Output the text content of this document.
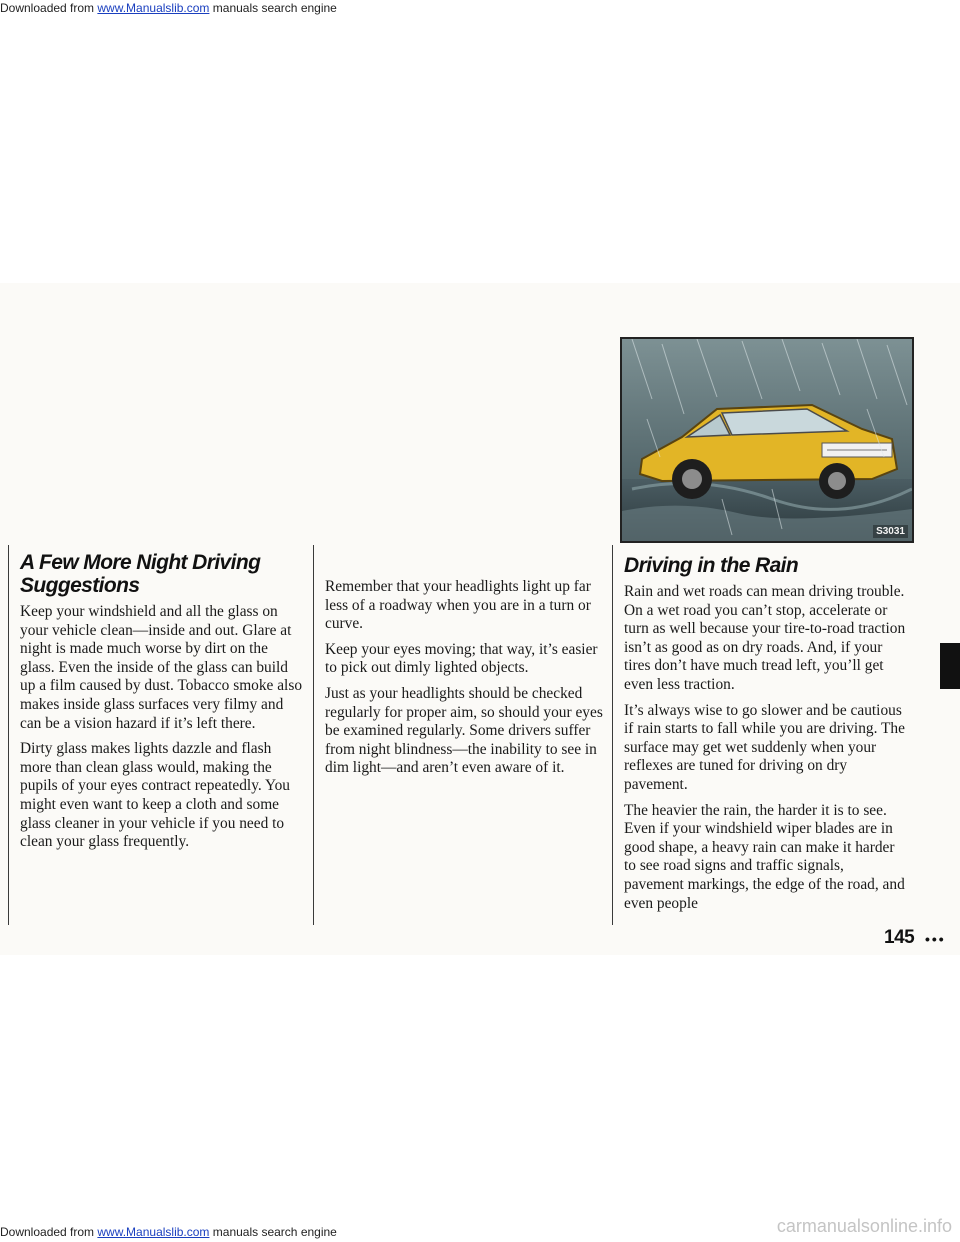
Downloaded from www.Manualslib.com manuals search engine
S3031
A Few More Night Driving
Suggestions

Keep your windshield and all the glass on your vehicle clean—inside and out. Glare at night is made much worse by dirt on the glass. Even the inside of the glass can build up a film caused by dust. Tobacco smoke also makes inside glass surfaces very filmy and can be a vision hazard if it’s left there.

Dirty glass makes lights dazzle and flash more than clean glass would, making the pupils of your eyes contract repeatedly. You might even want to keep a cloth and some glass cleaner in your vehicle if you need to clean your glass frequently.

Remember that your headlights light up far less of a roadway when you are in a turn or curve.

Keep your eyes moving; that way, it’s easier to pick out dimly lighted objects.

Just as your headlights should be checked regularly for proper aim, so should your eyes be examined regularly. Some drivers suffer from night blindness—the inability to see in dim light—and aren’t even aware of it.

Driving in the Rain

Rain and wet roads can mean driving trouble. On a wet road you can’t stop, accelerate or turn as well because your tire-to-road traction isn’t as good as on dry roads. And, if your tires don’t have much tread left, you’ll get even less traction.

It’s always wise to go slower and be cautious if rain starts to fall while you are driving. The surface may get wet suddenly when your reflexes are tuned for driving on dry pavement.

The heavier the rain, the harder it is to see. Even if your windshield wiper blades are in good shape, a heavy rain can make it harder to see road signs and traffic signals, pavement markings, the edge of the road, and even people

145 •••
Downloaded from www.Manualslib.com manuals search engine	carmanualsonline.info
